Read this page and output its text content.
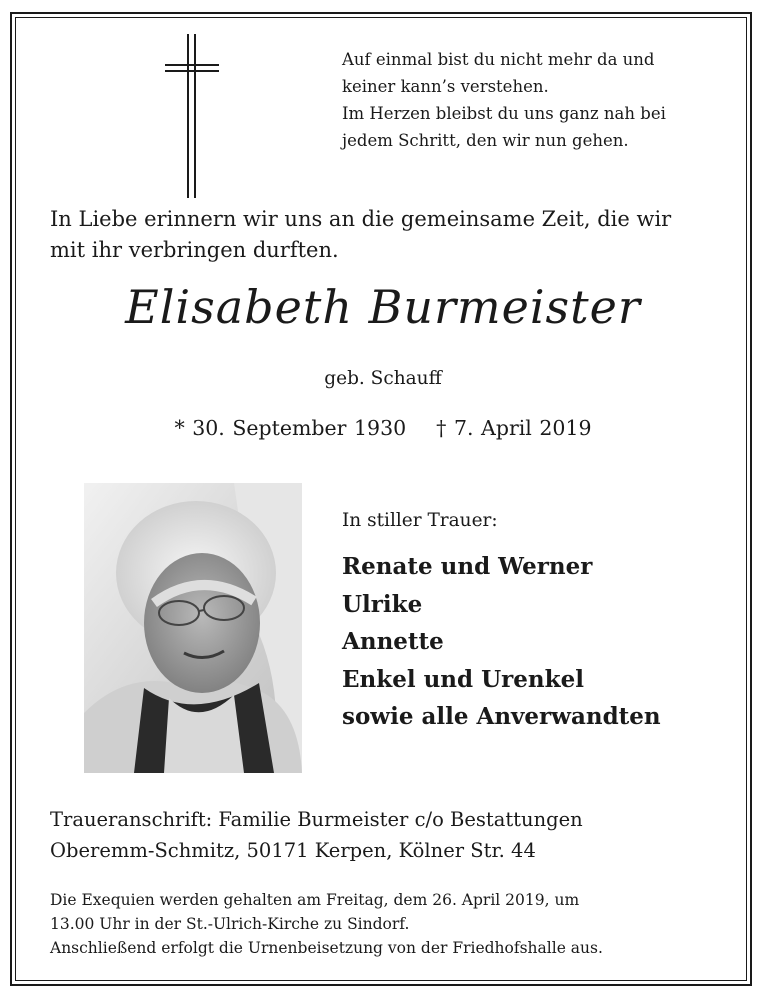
Auf einmal bist du nicht mehr da und
keiner kann’s verstehen.
Im Herzen bleibst du uns ganz nah bei
jedem Schritt, den wir nun gehen.
In Liebe erinnern wir uns an die gemeinsame Zeit, die wir
mit ihr verbringen durften.
Elisabeth Burmeister
geb. Schauff
* 30. September 1930 † 7. April 2019
In stiller Trauer:
Renate und Werner
Ulrike
Annette
Enkel und Urenkel
sowie alle Anverwandten
Traueranschrift: Familie Burmeister c/o Bestattungen
Oberemm-Schmitz, 50171 Kerpen, Kölner Str. 44
Die Exequien werden gehalten am Freitag, dem 26. April 2019, um
13.00 Uhr in der St.-Ulrich-Kirche zu Sindorf.
Anschließend erfolgt die Urnenbeisetzung von der Friedhofshalle aus.
